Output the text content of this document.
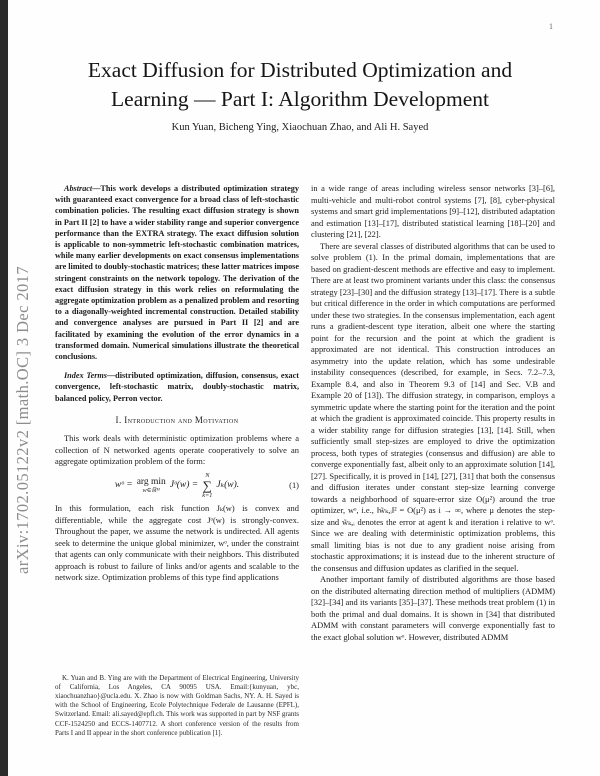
1
arXiv:1702.05122v2 [math.OC] 3 Dec 2017
Exact Diffusion for Distributed Optimization and
Learning — Part I: Algorithm Development
Kun Yuan, Bicheng Ying, Xiaochuan Zhao, and Ali H. Sayed

Abstract—This work develops a distributed optimization strategy with guaranteed exact convergence for a broad class of left-stochastic combination policies. The resulting exact diffusion strategy is shown in Part II [2] to have a wider stability range and superior convergence performance than the EXTRA strategy. The exact diffusion solution is applicable to non-symmetric left-stochastic combination matrices, while many earlier developments on exact consensus implementations are limited to doubly-stochastic matrices; these latter matrices impose stringent constraints on the network topology. The derivation of the exact diffusion strategy in this work relies on reformulating the aggregate optimization problem as a penalized problem and resorting to a diagonally-weighted incremental construction. Detailed stability and convergence analyses are pursued in Part II [2] and are facilitated by examining the evolution of the error dynamics in a transformed domain. Numerical simulations illustrate the theoretical conclusions.

Index Terms—distributed optimization, diffusion, consensus, exact convergence, left-stochastic matrix, doubly-stochastic matrix, balanced policy, Perron vector.

I. Introduction and Motivation

This work deals with deterministic optimization problems where a collection of N networked agents operate cooperatively to solve an aggregate optimization problem of the form:

wᵒ = arg min
w∈ℝᴹ
Jᵒ(w) =
N
∑
k=1
Jₖ(w).	(1)

In this formulation, each risk function Jₖ(w) is convex and differentiable, while the aggregate cost Jᵒ(w) is strongly-convex. Throughout the paper, we assume the network is undirected. All agents seek to determine the unique global minimizer, wᵒ, under the constraint that agents can only communicate with their neighbors. This distributed approach is robust to failure of links and/or agents and scalable to the network size. Optimization problems of this type find applications

K. Yuan and B. Ying are with the Department of Electrical Engineering, University of California, Los Angeles, CA 90095 USA. Email:{kunyuan, ybc, xiaochuanzhao}@ucla.edu. X. Zhao is now with Goldman Sachs, NY. A. H. Sayed is with the School of Engineering, Ecole Polytechnique Federale de Lausanne (EPFL), Switzerland. Email: ali.sayed@epfl.ch. This work was supported in part by NSF grants CCF-1524250 and ECCS-1407712. A short conference version of the results from Parts I and II appear in the short conference publication [1].

in a wide range of areas including wireless sensor networks [3]–[6], multi-vehicle and multi-robot control systems [7], [8], cyber-physical systems and smart grid implementations [9]–[12], distributed adaptation and estimation [13]–[17], distributed statistical learning [18]–[20] and clustering [21], [22].

There are several classes of distributed algorithms that can be used to solve problem (1). In the primal domain, implementations that are based on gradient-descent methods are effective and easy to implement. There are at least two prominent variants under this class: the consensus strategy [23]–[30] and the diffusion strategy [13]–[17]. There is a subtle but critical difference in the order in which computations are performed under these two strategies. In the consensus implementation, each agent runs a gradient-descent type iteration, albeit one where the starting point for the recursion and the point at which the gradient is approximated are not identical. This construction introduces an asymmetry into the update relation, which has some undesirable instability consequences (described, for example, in Secs. 7.2–7.3, Example 8.4, and also in Theorem 9.3 of [14] and Sec. V.B and Example 20 of [13]). The diffusion strategy, in comparison, employs a symmetric update where the starting point for the iteration and the point at which the gradient is approximated coincide. This property results in a wider stability range for diffusion strategies [13], [14]. Still, when sufficiently small step-sizes are employed to drive the optimization process, both types of strategies (consensus and diffusion) are able to converge exponentially fast, albeit only to an approximate solution [14], [27]. Specifically, it is proved in [14], [27], [31] that both the consensus and diffusion iterates under constant step-size learning converge towards a neighborhood of square-error size O(μ²) around the true optimizer, wᵒ, i.e., ‖w̃ₖ,ᵢ‖² = O(μ²) as i → ∞, where μ denotes the step-size and w̃ₖ,ᵢ denotes the error at agent k and iteration i relative to wᵒ. Since we are dealing with deterministic optimization problems, this small limiting bias is not due to any gradient noise arising from stochastic approximations; it is instead due to the inherent structure of the consensus and diffusion updates as clarified in the sequel.

Another important family of distributed algorithms are those based on the distributed alternating direction method of multipliers (ADMM) [32]–[34] and its variants [35]–[37]. These methods treat problem (1) in both the primal and dual domains. It is shown in [34] that distributed ADMM with constant parameters will converge exponentially fast to the exact global solution wᵒ. However, distributed ADMM
